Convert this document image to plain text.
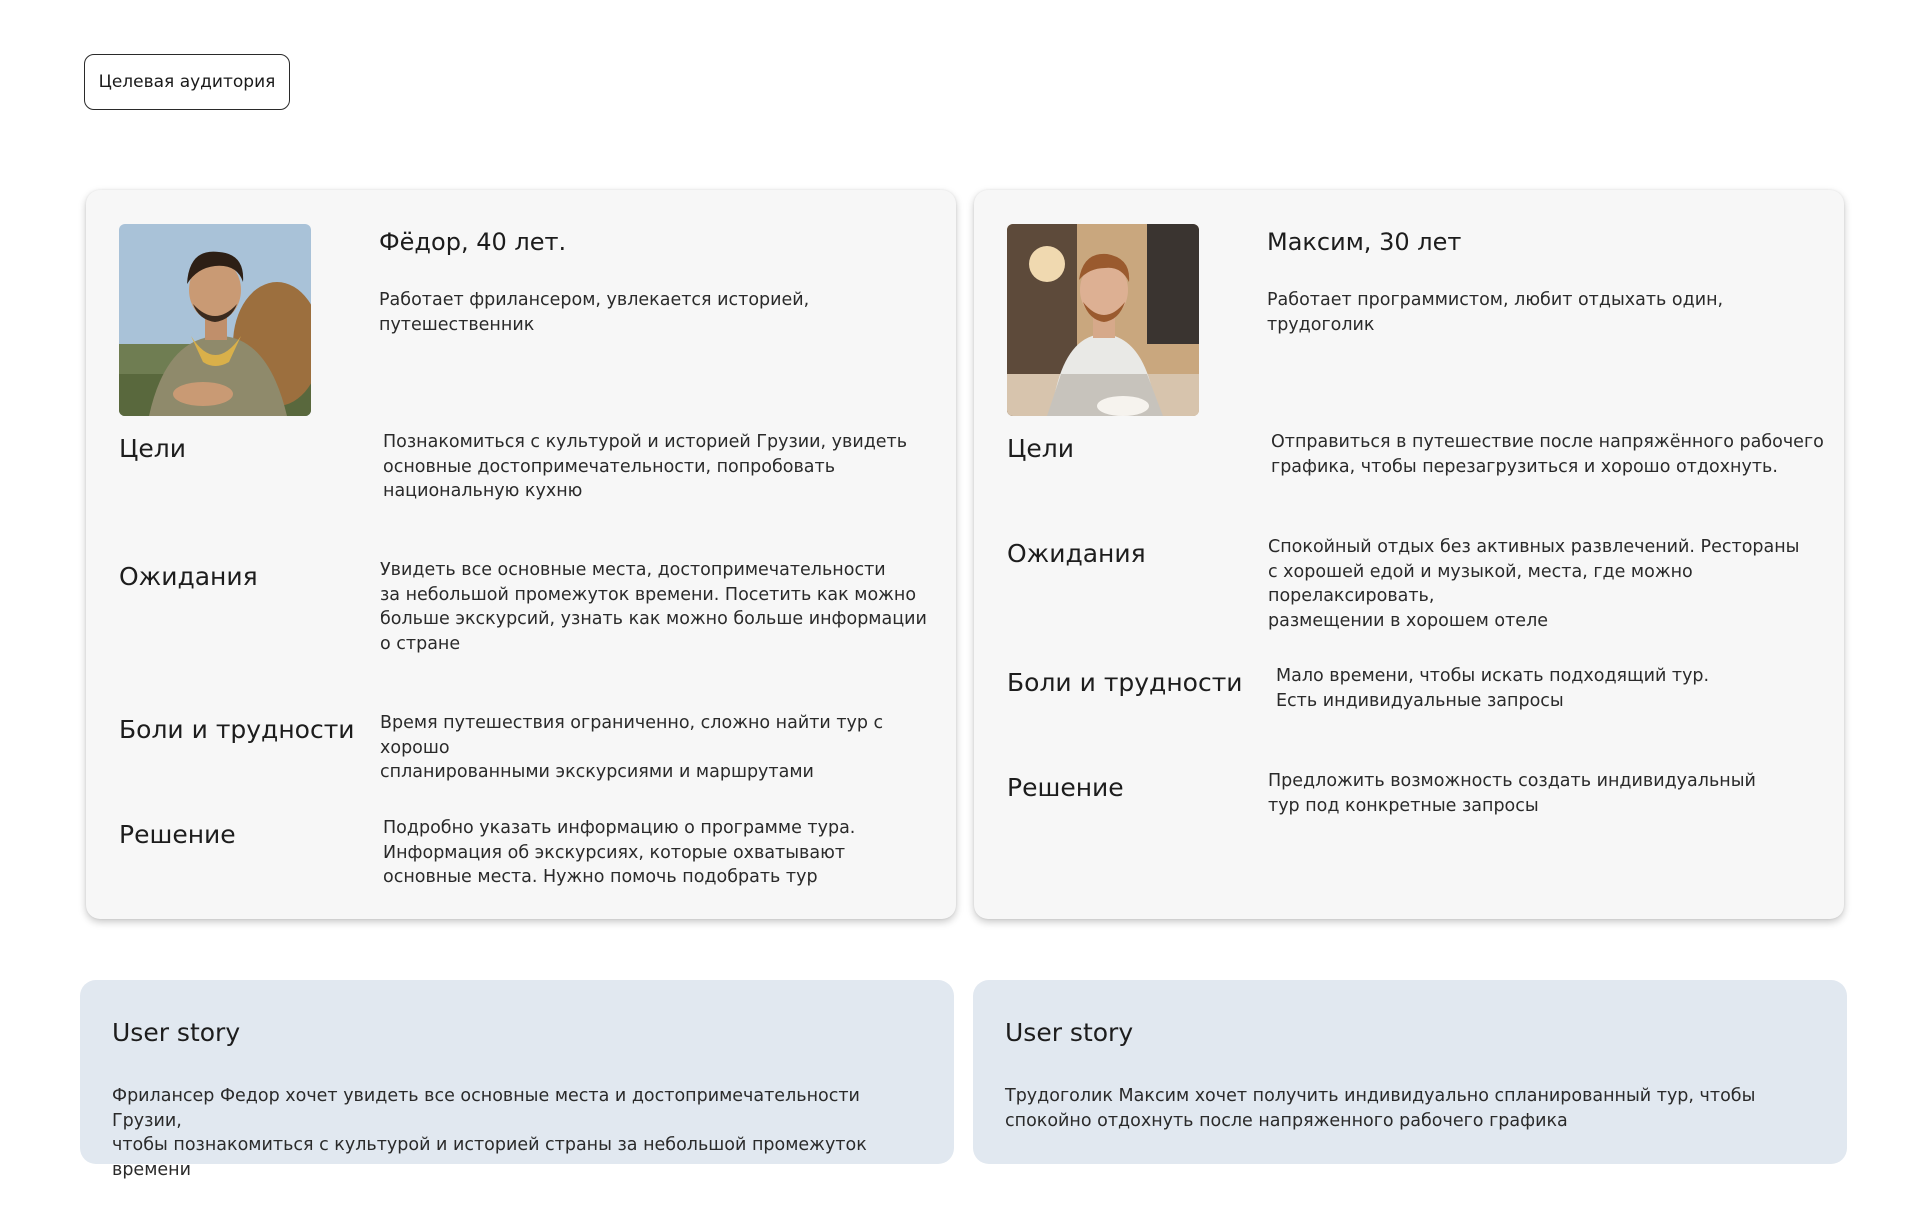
Целевая аудитория
Фёдор, 40 лет.
Работает фрилансером, увлекается историей,
путешественник
Цели	Познакомиться с культурой и историей Грузии, увидеть
основные достопримечательности, попробовать
национальную кухню
Ожидания	Увидеть все основные места, достопримечательности
за небольшой промежуток времени. Посетить как можно
больше экскурсий, узнать как можно больше информации
о стране
Боли и трудности Время путешествия ограниченно, сложно найти тур с хорошо
спланированными экскурсиями и маршрутами
Решение	Подробно указать информацию о программе тура.
Информация об экскурсиях, которые охватывают
основные места. Нужно помочь подобрать тур
Максим, 30 лет
Работает программистом, любит отдыхать один, трудоголик
Цели	Отправиться в путешествие после напряжённого рабочего
графика, чтобы перезагрузиться и хорошо отдохнуть.
Ожидания	Спокойный отдых без активных развлечений. Рестораны
с хорошей едой и музыкой, места, где можно порелаксировать,
размещении в хорошем отеле
Боли и трудности Мало времени, чтобы искать подходящий тур.
Есть индивидуальные запросы
Решение	Предложить возможность создать индивидуальный
тур под конкретные запросы
User story
Фрилансер Федор хочет увидеть все основные места и достопримечательности Грузии,
чтобы познакомиться с культурой и историей страны за небольшой промежуток времени
User story
Трудоголик Максим хочет получить индивидуально спланированный тур, чтобы
спокойно отдохнуть после напряженного рабочего графика
